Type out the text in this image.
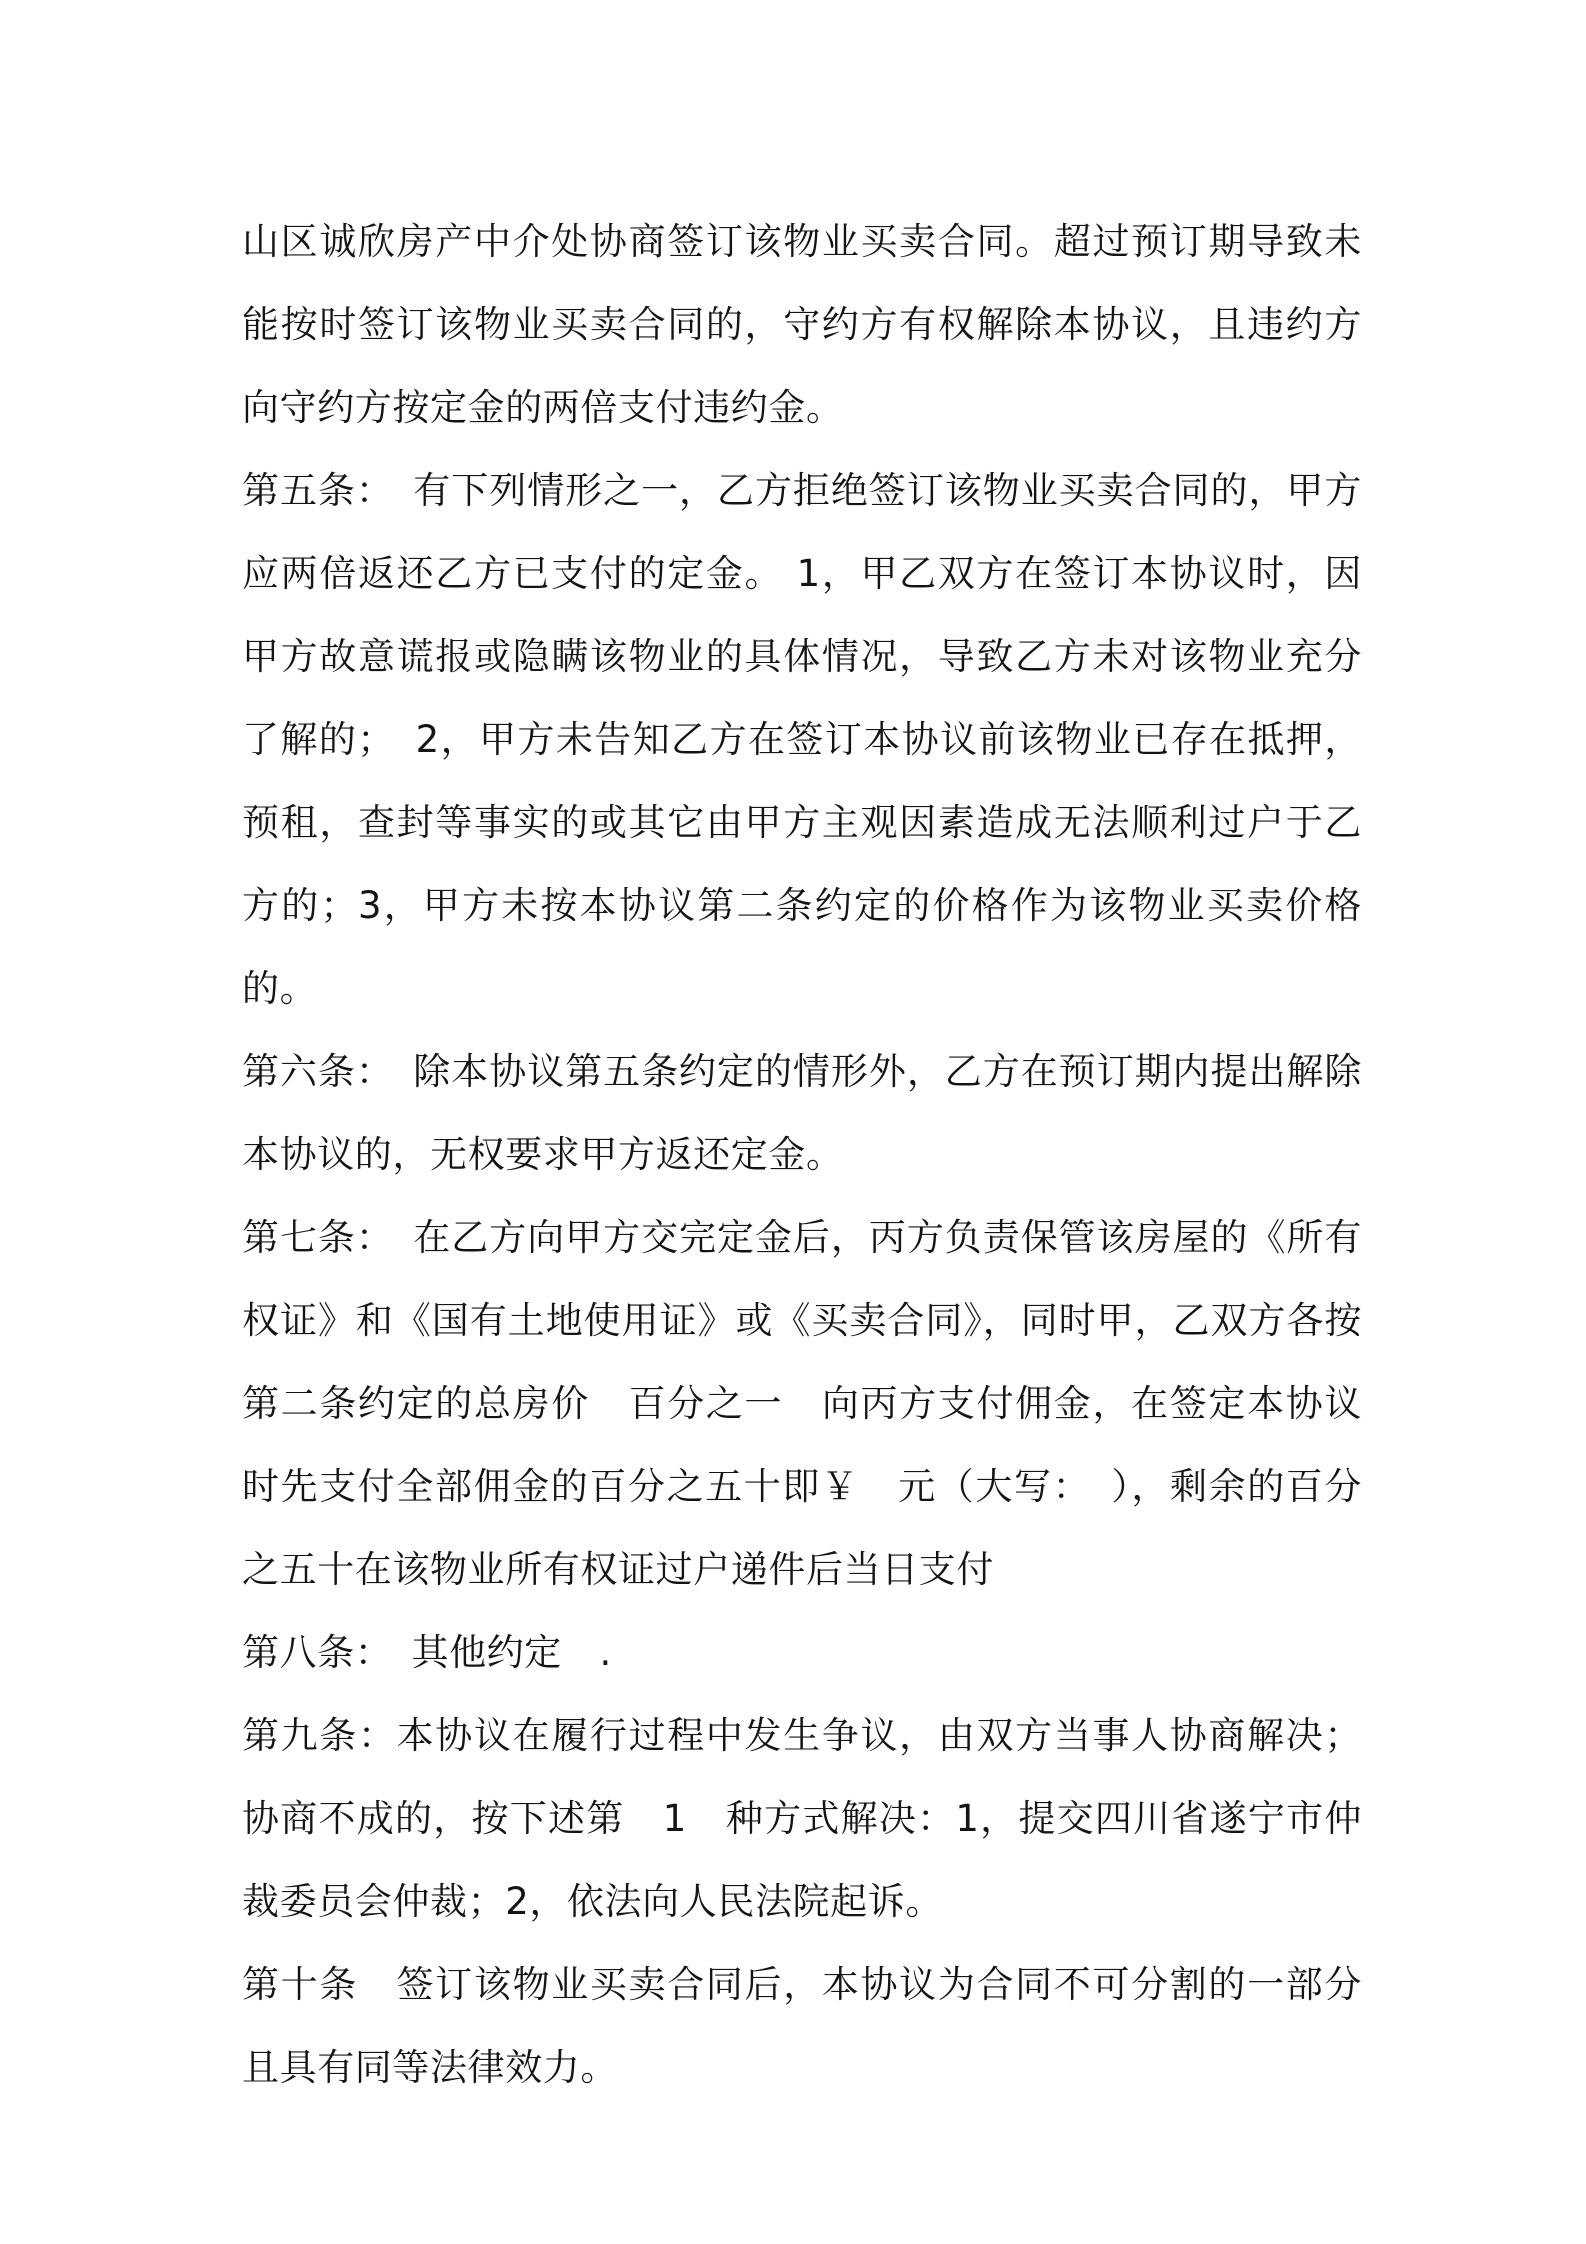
山区诚欣房产中介处协商签订该物业买卖合同。超过预订期导致未能按时签订该物业买卖合同的，守约方有权解除本协议，且违约方向守约方按定金的两倍支付违约金。

第五条：　有下列情形之一，乙方拒绝签订该物业买卖合同的，甲方应两倍返还乙方已支付的定金。 1，甲乙双方在签订本协议时，因甲方故意谎报或隐瞒该物业的具体情况，导致乙方未对该物业充分了解的；　2，甲方未告知乙方在签订本协议前该物业已存在抵押，预租，查封等事实的或其它由甲方主观因素造成无法顺利过户于乙方的；3，甲方未按本协议第二条约定的价格作为该物业买卖价格的。

第六条：　除本协议第五条约定的情形外，乙方在预订期内提出解除本协议的，无权要求甲方返还定金。

第七条：　在乙方向甲方交完定金后，丙方负责保管该房屋的《所有权证》和《国有土地使用证》或《买卖合同》，同时甲，乙双方各按第二条约定的总房价　百分之一　向丙方支付佣金，在签定本协议时先支付全部佣金的百分之五十即￥　元（大写：　），剩余的百分之五十在该物业所有权证过户递件后当日支付

第八条：　其他约定　.

第九条：本协议在履行过程中发生争议，由双方当事人协商解决；协商不成的，按下述第　1　种方式解决：1，提交四川省遂宁市仲裁委员会仲裁；2，依法向人民法院起诉。

第十条　签订该物业买卖合同后，本协议为合同不可分割的一部分且具有同等法律效力。
